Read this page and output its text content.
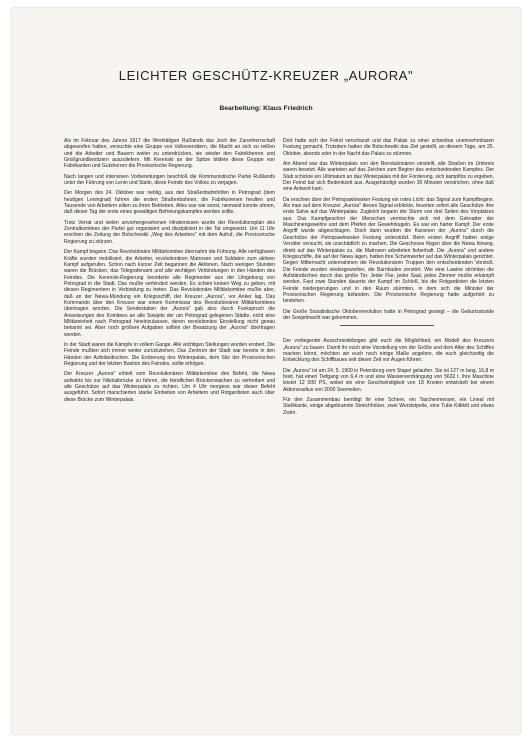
LEICHTER GESCHÜTZ-KREUZER „AURORA"
Bearbeitung: Klaus Friedrich

Als im Februar des Jahres 1917 die Werktätigen Rußlands das Joch der Zarenherrschaft abgeworfen hatten, versuchte eine Gruppe von Volksverrätern, die Macht an sich zu reißen und die Arbeiter und Bauern weiter zu unterdrücken, sie wieder den Fabrikherren und Großgrundbesitzern auszuliefern. Mit Kerenski an der Spitze bildete diese Gruppe von Fabrikanten und Gutsherren die Provisorische Regierung.

Nach langen und intensiven Vorbereitungen beschloß die Kommunistische Partei Rußlands unter der Führung von Lenin und Stalin, diese Feinde des Volkes zu verjagen.

Der Morgen des 24. Oktober war neblig, aus den Straßenbahnhöfen in Petrograd (dem heutigen Leningrad) fuhren die ersten Straßenbahnen, die Fabriksirenen heulten und Tausende von Arbeitern eilten zu ihren Betrieben. Alles war wie sonst, niemand konnte ahnen, daß dieser Tag der erste eines gewaltigen Befreiungskampfes werden sollte.

Trotz Verrat und vielen unvorhergesehenen Hindernissen wurde der Revolutionsplan des Zentralkomitees der Partei gut organisiert und diszipliniert in die Tat umgesetzt. Um 11 Uhr erschien die Zeitung der Bolschewiki „Weg des Arbeiters" mit dem Aufruf, die Provisorische Regierung zu stürzen.

Der Kampf begann. Das Revolutionäre Militärkomitee übernahm die Führung. Alle verfügbaren Kräfte wurden mobilisiert, die Arbeiter, revolutionären Matrosen und Soldaten zum aktiven Kampf aufgerufen. Schon nach kurzer Zeit begannen die Aktionen. Nach wenigen Stunden waren die Brücken, das Telegrafenamt und alle wichtigen Verbindungen in den Händen des Feindes. Die Kerenski-Regierung beorderte alle Regimenter aus der Umgebung von Petrograd in die Stadt. Das mußte verhindert werden. Es schien keinen Weg zu geben, mit diesen Regimentern in Verbindung zu treten. Das Revolutionäre Militärkomitee mußte aber, daß an der Newa-Mündung ein Kriegsschiff, der Kreuzer „Aurora", vor Anker lag. Das Kommando über den Kreuzer war einem Kommissar des Revolutionären Militärkomitees übertragen worden. Die Sendestation der „Aurora" gab also durch Funkspruch die Anweisungen des Komitees an alle Sowjets der um Petrograd gelegenen Städte, nicht eine Militäreinheit nach Petrograd hineinzulassen, deren revolutionäre Einstellung nicht genau bekannt sei. Aber noch größere Aufgaben sollten der Besatzung der „Aurora" übertragen werden.

In der Stadt waren die Kämpfe in vollem Gange. Alle wichtigen Stellungen wurden erobert. Die Feinde mußten sich immer weiter zurückziehen. Das Zentrum der Stadt war bereits in den Händen der Aufständischen. Die Eroberung des Winterpalais, dem Sitz der Provisorischen Regierung und der letzten Bastion des Feindes, sollte erfolgen.

Der Kreuzer „Aurora" erhielt vom Revolutionären Militärkomitee den Befehl, die Newa aufwärts bis zur Nikolaibrücke zu fahren, die feindlichen Brückenwachen zu vertreiben und alle Geschütze auf das Winterpalais zu richten. Um 4 Uhr morgens war dieser Befehl ausgeführt. Sofort marschierten starke Einheiten von Arbeitern und Rotgardisten auch über diese Brücke zum Winterpalais.

Dort hatte sich der Feind verschanzt und das Palais zu einer scheinbar uneinnehmbaren Festung gemacht. Trotzdem hatten die Bolschewiki das Ziel gestellt, an diesem Tage, am 25. Oktober, abends oder in der Nacht das Palais zu stürmen.

Am Abend war das Winterpalais von den Revolutionären umstellt, alle Straßen im Umkreis waren besetzt. Alle warteten auf das Zeichen zum Beginn des entscheidenden Kampfes. Der Stab schickte ein Ultimatum an das Winterpalais mit der Forderung, sich kampflos zu ergeben. Der Feind bat sich Bedenkzeit aus. Ausgehändigt wurden 30 Minuten verstrichen, ohne daß eine Antwort kam.

Da erschien über der Petropawlowsker Festung ein rotes Licht: das Signal zum Kampfbeginn. Als man auf dem Kreuzer „Aurora" dieses Signal erblickte, feuerten sofort alle Geschütze ihre erste Salve auf das Winterpalais. Zugleich begann der Sturm von drei Seiten des Vorplatzes aus. Das Kampfgeschrei der Menschen vermischte sich mit dem Geknatter der Maschinengewehre und dem Pfeifen der Gewehrkugeln. Es war ein harter Kampf. Der erste Angriff wurde abgeschlagen. Doch dann wurden die Kanonen der „Aurora" durch die Geschütze der Petropawlowsker Festung unterstützt. Beim ersten Angriff hatten einige Verräter versucht, sie unschädlich zu machen. Die Geschosse flogen über die Newa hinweg, direkt auf das Winterpalais zu, die Matrosen arbeiteten fieberhaft. Die „Aurora" und andere Kriegsschiffe, die auf der Newa lagen, hatten ihre Scheinwerfer auf das Winterpalais gerichtet. Gegen Mitternacht unternahmen die Revolutionären Truppen den entscheidenden Vorstoß. Die Feinde wurden niedergeworfen, die Barrikaden zerstört. Wie eine Lawine strömten die Aufständischen durch das große Tor. Jeder Flur, jeder Saal, jedes Zimmer mußte erkämpft werden. Fast zwei Stunden dauerte der Kampf im Schloß, bis die Rotgardisten die letzten Feinde niedergerungen und in den Raum stürmten, in dem sich die Minister der Provisorischen Regierung befanden. Die Provisorische Regierung hatte aufgehört zu bestehen.

Die Große Sozialistische Oktoberrevolution hatte in Petrograd gesiegt – die Geburtsstunde der Sowjetmacht war gekommen.

Der vorliegende Ausschneidebogen gibt euch die Möglichkeit, ein Modell des Kreuzers „Aurora" zu bauen. Damit ihr euch eine Vorstellung von der Größe und dem Alter des Schiffes machen könnt, möchten wir euch noch einige Maße angeben, die euch gleichzeitig die Entwicklung des Schiffbaues seit dieser Zeit vor Augen führen.

Die „Aurora" ist am 24. 5. 1900 in Petersburg vom Stapel gelaufen. Sie ist 127 m lang, 16,8 m breit, hat einen Tiefgang von 6,4 m und eine Wasserverdrängung von 5632 t. Ihre Maschine leistet 12 000 PS, wobei sie eine Geschwindigkeit von 18 Knoten entwickelt bei einem Aktionsradius von 2000 Seemeilen.

Für den Zusammenbau benötigt ihr eine Schere, ein Taschenmesser, ein Lineal mit Stahlkante, einige abgebrannte Streichhölzer, zwei Wurststpeile, eine Tube Kittikitt und etwas Zwirn.
